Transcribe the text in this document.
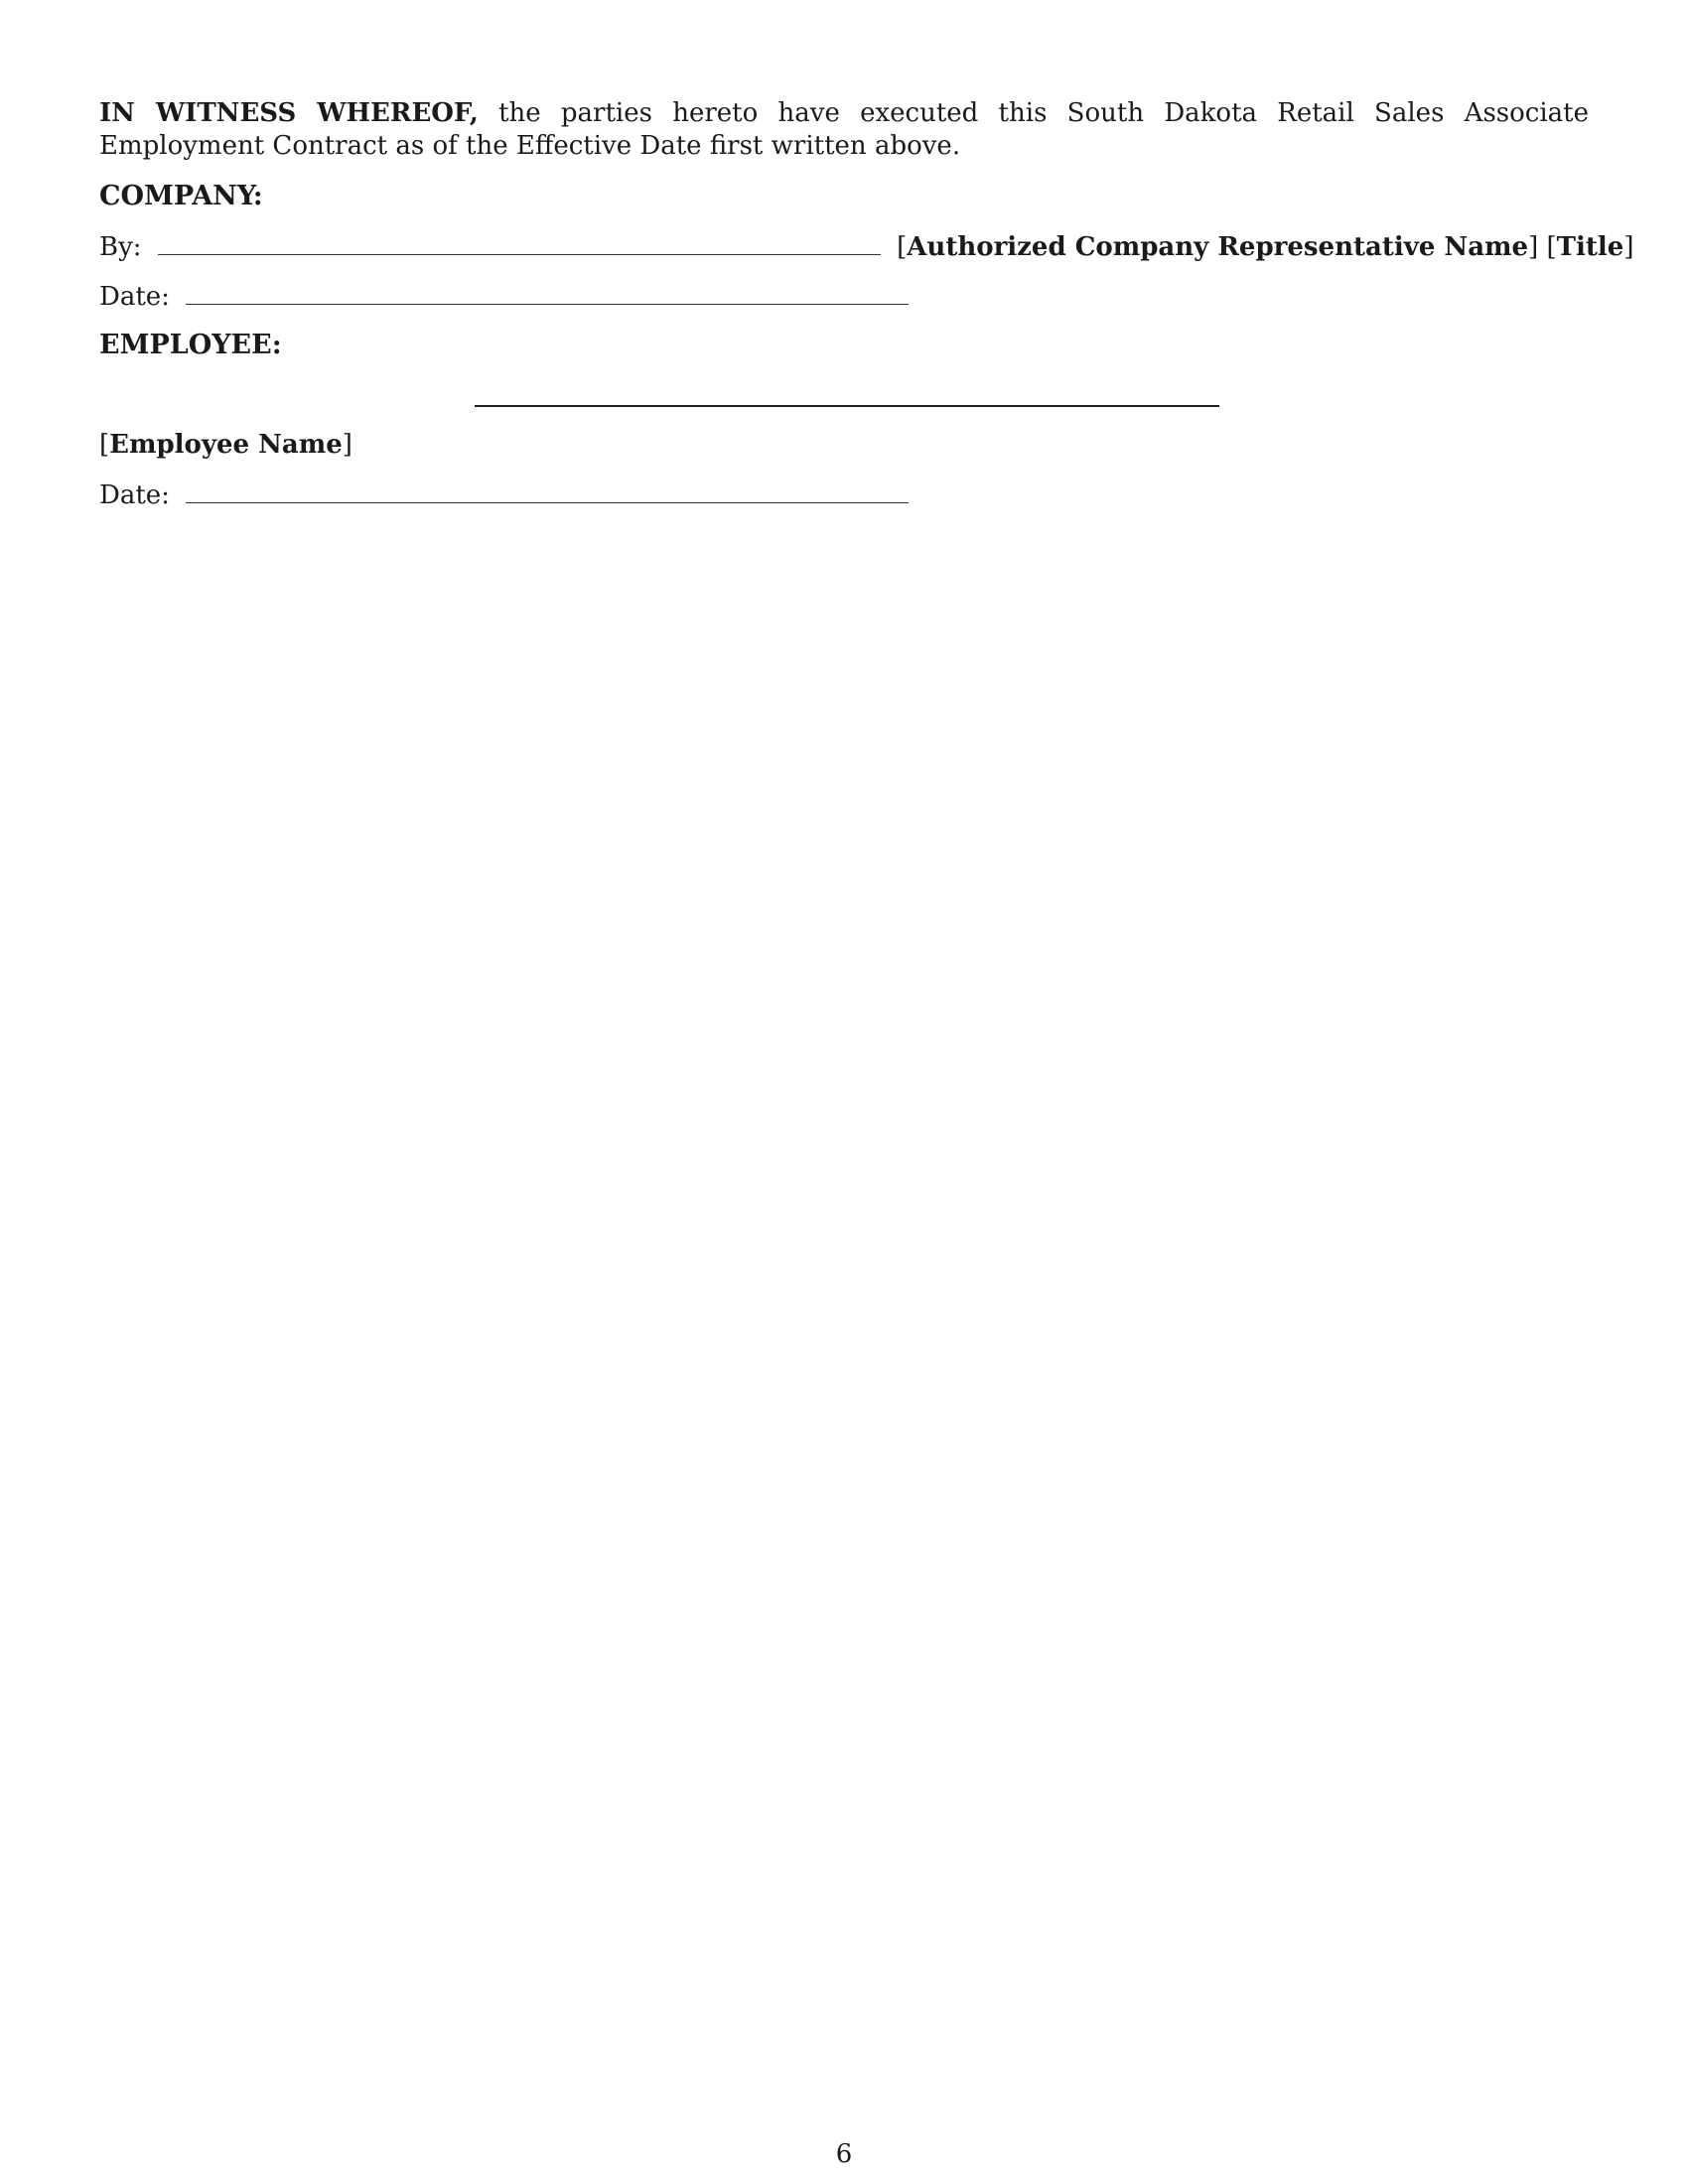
IN WITNESS WHEREOF, the parties hereto have executed this South Dakota Retail Sales Associate Employment Contract as of the Effective Date first written above.

COMPANY:
By:	[Authorized Company Representative Name] [Title]
Date:
EMPLOYEE:
[Employee Name]
Date:
6
